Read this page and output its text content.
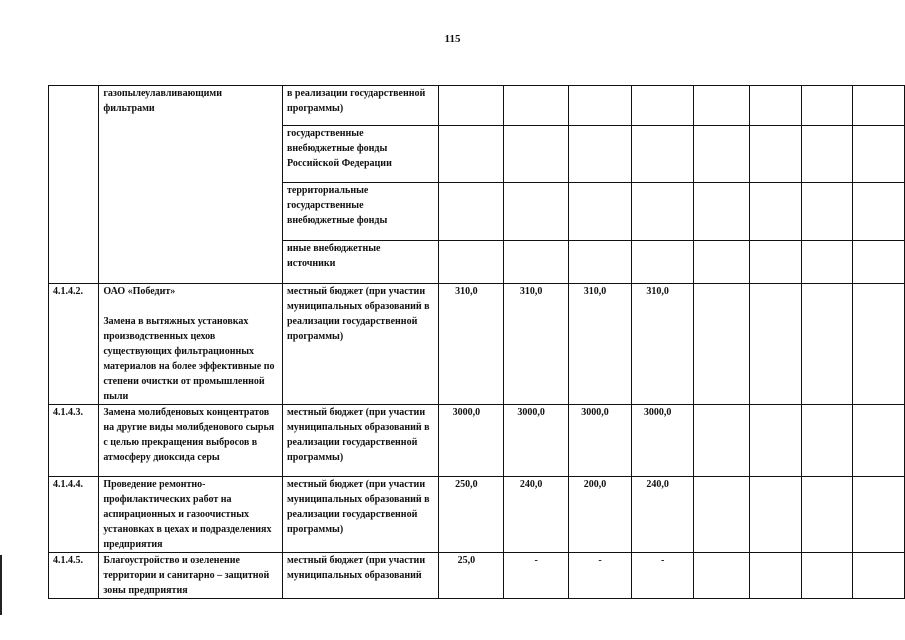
115
	газопылеулавливающими
фильтрами	в реализации государственной
программы)								
		государственные
внебюджетные фонды
Российской Федерации								
		территориальные
государственные
внебюджетные фонды								
		иные внебюджетные
источники								
4.1.4.2.	ОАО «Победит»

Замена в вытяжных установках производственных цехов существующих фильтрационных материалов на более эффективные по степени очистки от промышленной пыли	местный бюджет (при участии муниципальных образований в реализации государственной программы)	310,0	310,0	310,0	310,0				
4.1.4.3.	Замена молибденовых концентратов на другие виды молибденового сырья с целью прекращения выбросов в атмосферу диоксида серы	местный бюджет (при участии муниципальных образований в реализации государственной программы)	3000,0	3000,0	3000,0	3000,0				
4.1.4.4.	Проведение ремонтно-профилактических работ на аспирационных и газоочистных установках в цехах и подразделениях предприятия	местный бюджет (при участии муниципальных образований в реализации государственной программы)	250,0	240,0	200,0	240,0				
4.1.4.5.	Благоустройство и озеленение территории и санитарно – защитной зоны предприятия	местный бюджет (при участии муниципальных образований	25,0	-	-	-				
